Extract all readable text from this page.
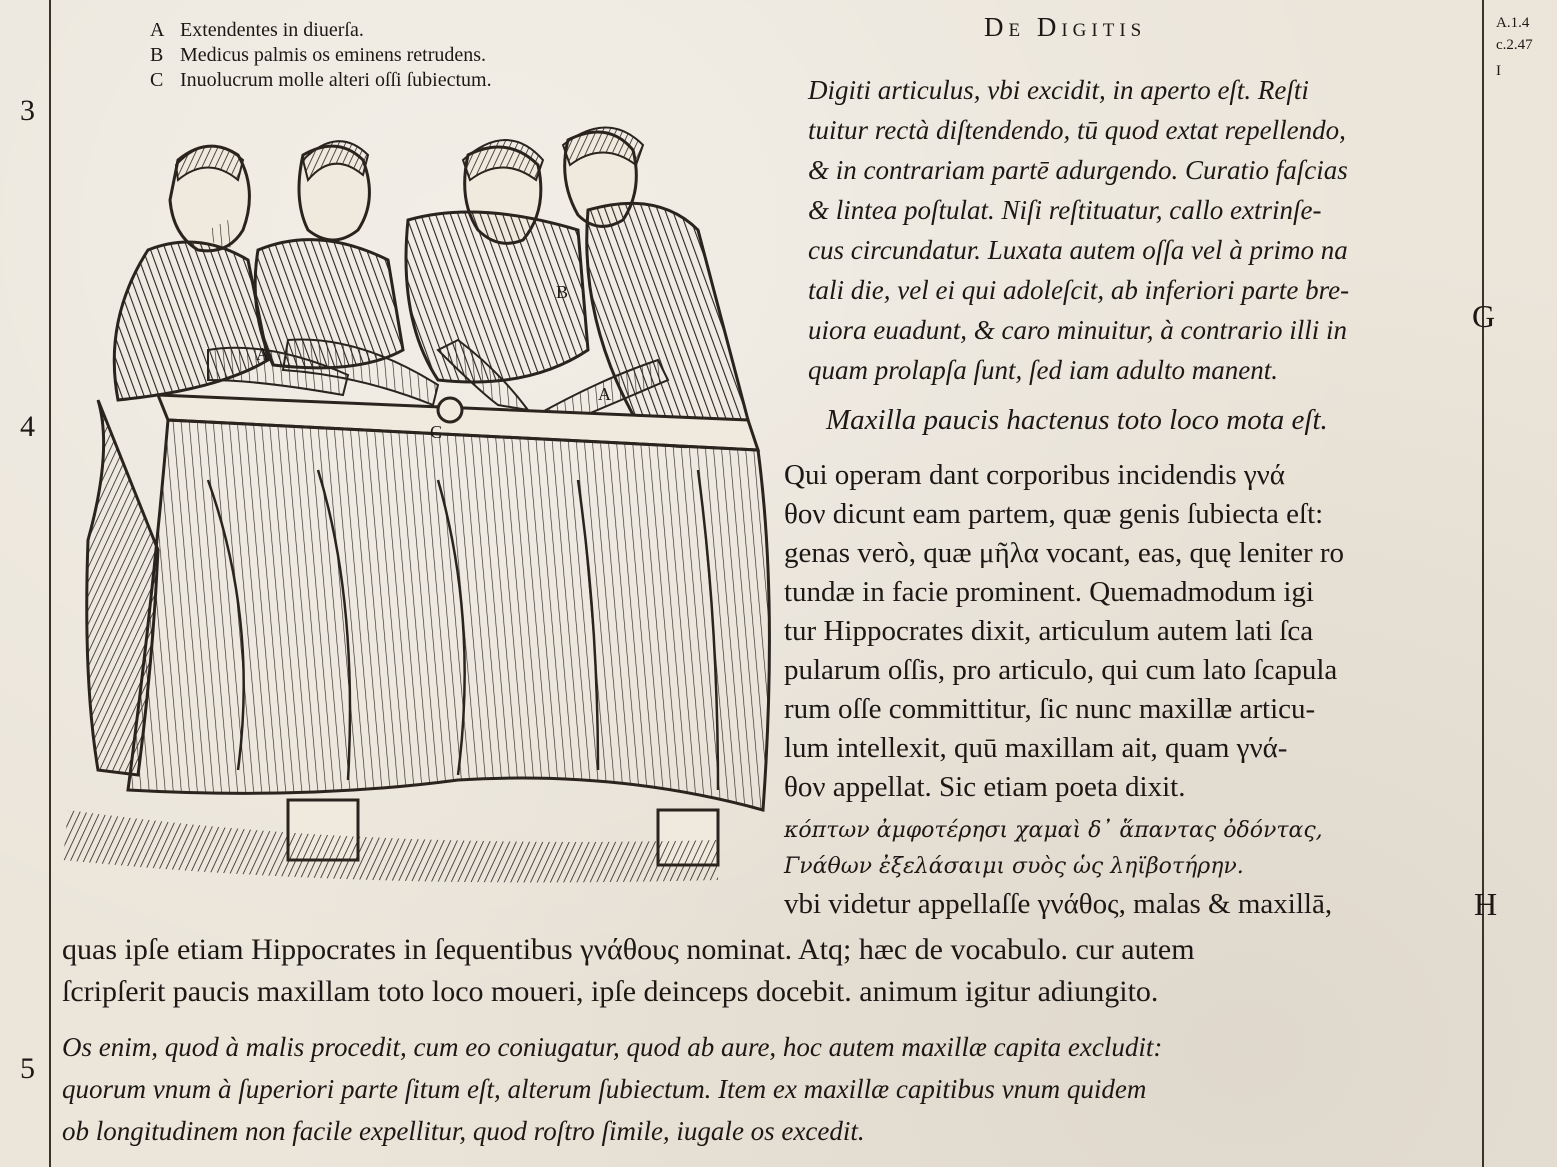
A Extendentes in diuerſa.
B Medicus palmis os eminens retrudens.
C Inuolucrum molle alteri oſſi ſubiectum.
De Digitis	A.1.4
c.2.47
I
3
4
5
A
B
A
C
Digiti articulus, vbi excidit, in aperto eſt. Reſti
tuitur rectà diſtendendo, tū quod extat repellendo,
& in contrariam partē adurgendo. Curatio faſcias
& lintea poſtulat. Niſi reſtituatur, callo extrinſe-
cus circundatur. Luxata autem oſſa vel à primo na
tali die, vel ei qui adoleſcit, ab inferiori parte bre-
uiora euadunt, & caro minuitur, à contrario illi in
quam prolapſa ſunt, ſed iam adulto manent.
G
Maxilla paucis hactenus toto loco mota eſt.
Qui operam dant corporibus incidendis γνά
θον dicunt eam partem, quæ genis ſubiecta eſt:
genas verò, quæ μῆλα vocant, eas, quę leniter ro
tundæ in facie prominent. Quemadmodum igi
tur Hippocrates dixit, articulum autem lati ſca
pularum oſſis, pro articulo, qui cum lato ſcapula
rum oſſe committitur, ſic nunc maxillæ articu-
lum intellexit, quū maxillam ait, quam γνά-
θον appellat. Sic etiam poeta dixit.
κόπτων ἀμφοτέρησι χαμαὶ δ᾽ ἅπαντας ὀδόντας,
Γνάθων ἐξελάσαιμι συὸς ὡς ληϊβοτήρην.
vbi videtur appellaſſe γνάθος, malas & maxillā,	H
quas ipſe etiam Hippocrates in ſequentibus γνάθους nominat. Atq; hæc de vocabulo. cur autem
ſcripſerit paucis maxillam toto loco moueri, ipſe deinceps docebit. animum igitur adiungito.
Os enim, quod à malis procedit, cum eo coniugatur, quod ab aure, hoc autem maxillæ capita excludit:
quorum vnum à ſuperiori parte ſitum eſt, alterum ſubiectum. Item ex maxillæ capitibus vnum quidem
ob longitudinem non facile expellitur, quod roſtro ſimile, iugale os excedit.
